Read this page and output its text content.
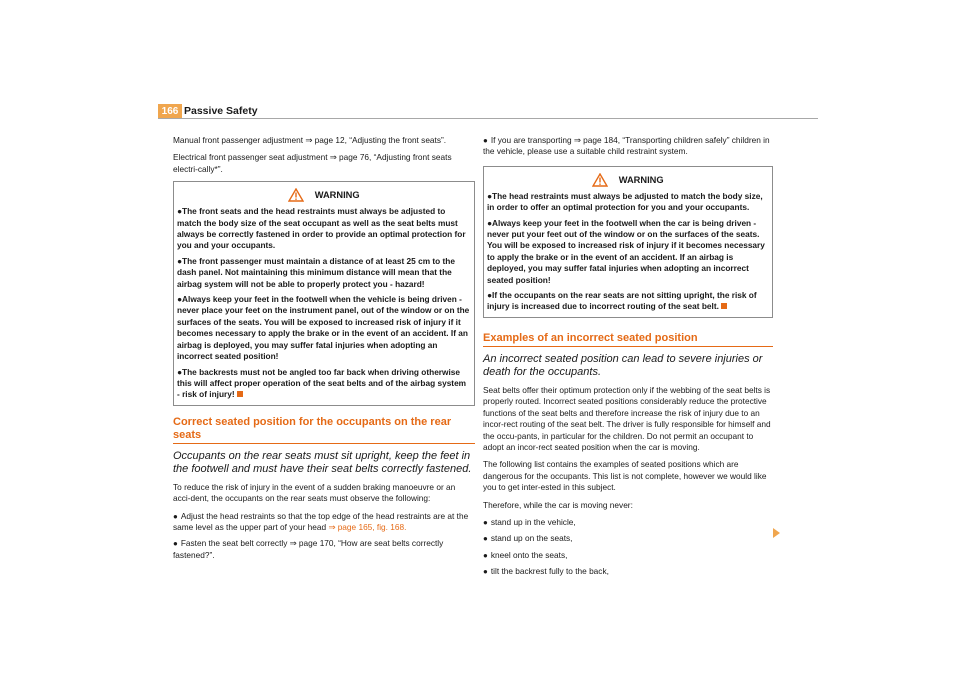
166 Passive Safety

Manual front passenger adjustment ⇒ page 12, “Adjusting the front seats”.

Electrical front passenger seat adjustment ⇒ page 76, “Adjusting front seats electri-cally*”.

WARNING

●The front seats and the head restraints must always be adjusted to match the body size of the seat occupant as well as the seat belts must always be correctly fastened in order to provide an optimal protection for you and your occupants.

●The front passenger must maintain a distance of at least 25 cm to the dash panel. Not maintaining this minimum distance will mean that the airbag system will not be able to properly protect you - hazard!

●Always keep your feet in the footwell when the vehicle is being driven - never place your feet on the instrument panel, out of the window or on the surfaces of the seats. You will be exposed to increased risk of injury if it becomes necessary to apply the brake or in the event of an accident. If an airbag is deployed, you may suffer fatal injuries when adopting an incorrect seated position!

●The backrests must not be angled too far back when driving otherwise this will affect proper operation of the seat belts and of the airbag system - risk of injury!

Correct seated position for the occupants on the rear seats
Occupants on the rear seats must sit upright, keep the feet in the footwell and must have their seat belts correctly fastened.

To reduce the risk of injury in the event of a sudden braking manoeuvre or an acci-dent, the occupants on the rear seats must observe the following:

● Adjust the head restraints so that the top edge of the head restraints are at the same level as the upper part of your head ⇒ page 165, fig. 168.

● Fasten the seat belt correctly ⇒ page 170, “How are seat belts correctly fastened?”.

● If you are transporting ⇒ page 184, “Transporting children safely” children in the vehicle, please use a suitable child restraint system.

WARNING

●The head restraints must always be adjusted to match the body size, in order to offer an optimal protection for you and your occupants.

●Always keep your feet in the footwell when the car is being driven - never put your feet out of the window or on the surfaces of the seats. You will be exposed to increased risk of injury if it becomes necessary to apply the brake or in the event of an accident. If an airbag is deployed, you may suffer fatal injuries when adopting an incorrect seated position!

●If the occupants on the rear seats are not sitting upright, the risk of injury is increased due to incorrect routing of the seat belt.

Examples of an incorrect seated position
An incorrect seated position can lead to severe injuries or death for the occupants.

Seat belts offer their optimum protection only if the webbing of the seat belts is properly routed. Incorrect seated positions considerably reduce the protective functions of the seat belts and therefore increase the risk of injury due to an incor-rect routing of the seat belt. The driver is fully responsible for himself and the occu-pants, in particular for the children. Do not permit an occupant to adopt an incor-rect seated position when the car is moving.

The following list contains the examples of seated positions which are dangerous for the occupants. This list is not complete, however we would like you to get inter-ested in this subject.

Therefore, while the car is moving never:

● stand up in the vehicle,

● stand up on the seats,

● kneel onto the seats,

● tilt the backrest fully to the back,
